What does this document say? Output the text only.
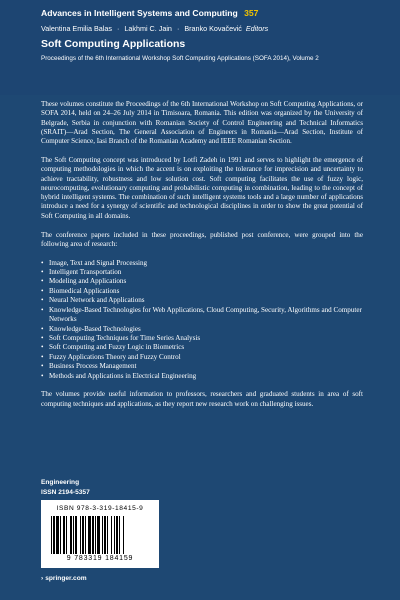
Advances in Intelligent Systems and Computing 357
Valentina Emilia Balas · Lakhmi C. Jain · Branko Kovačević Editors
Soft Computing Applications
Proceedings of the 6th International Workshop Soft Computing Applications (SOFA 2014), Volume 2

These volumes constitute the Proceedings of the 6th International Workshop on Soft Computing Applications, or SOFA 2014, held on 24–26 July 2014 in Timisoara, Romania. This edition was organized by the University of Belgrade, Serbia in conjunction with Romanian Society of Control Engineering and Technical Informatics (SRAIT)—Arad Section, The General Association of Engineers in Romania—Arad Section, Institute of Computer Science, Iasi Branch of the Romanian Academy and IEEE Romanian Section.

The Soft Computing concept was introduced by Lotfi Zadeh in 1991 and serves to highlight the emergence of computing methodologies in which the accent is on exploiting the tolerance for imprecision and uncertainty to achieve tractability, robustness and low solution cost. Soft computing facilitates the use of fuzzy logic, neurocomputing, evolutionary computing and probabilistic computing in combination, leading to the concept of hybrid intelligent systems. The combination of such intelligent systems tools and a large number of applications introduce a need for a synergy of scientific and technological disciplines in order to show the great potential of Soft Computing in all domains.

The conference papers included in these proceedings, published post conference, were grouped into the following area of research:

• Image, Text and Signal Processing
• Intelligent Transportation
• Modeling and Applications
• Biomedical Applications
• Neural Network and Applications
• Knowledge-Based Technologies for Web Applications, Cloud Computing, Security, Algorithms and Computer Networks
• Knowledge-Based Technologies
• Soft Computing Techniques for Time Series Analysis
• Soft Computing and Fuzzy Logic in Biometrics
• Fuzzy Applications Theory and Fuzzy Control
• Business Process Management
• Methods and Applications in Electrical Engineering

The volumes provide useful information to professors, researchers and graduated students in area of soft computing techniques and applications, as they report new research work on challenging issues.

Engineering
ISSN 2194-5357
ISBN 978-3-319-18415-9
9 783319 184159
› springer.com
